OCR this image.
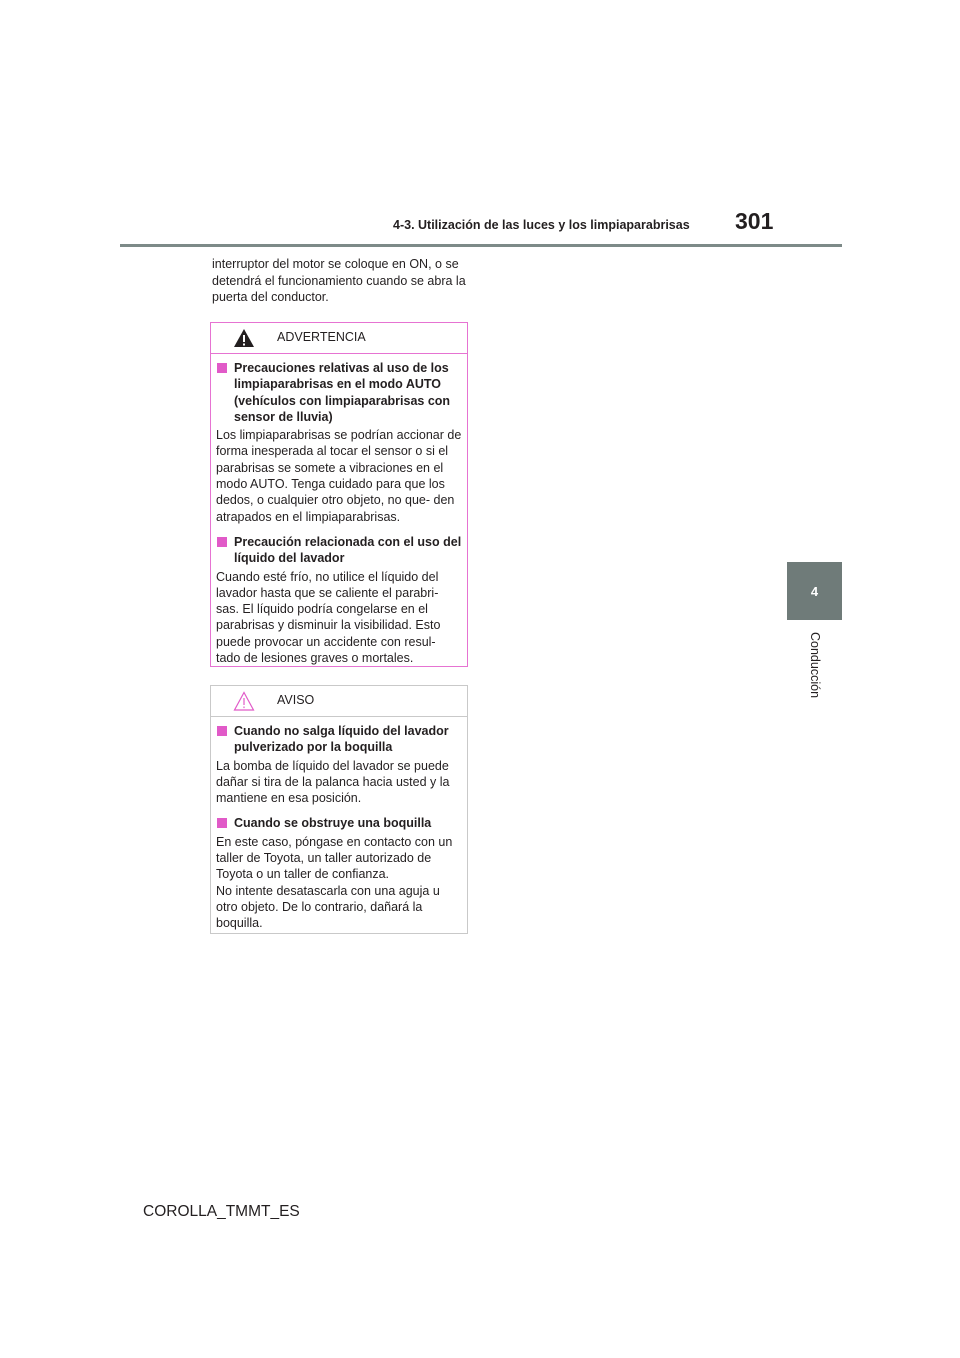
4-3. Utilización de las luces y los limpiaparabrisas 301
4
Conducción
interruptor del motor se coloque en ON, o se detendrá el funcionamiento cuando se abra la puerta del conductor.
ADVERTENCIA
Precauciones relativas al uso de los limpiaparabrisas en el modo AUTO (vehículos con limpiaparabrisas con sensor de lluvia)
Los limpiaparabrisas se podrían accionar de forma inesperada al tocar el sensor o si el parabrisas se somete a vibraciones en el modo AUTO. Tenga cuidado para que los dedos, o cualquier otro objeto, no que- den atrapados en el limpiaparabrisas.
Precaución relacionada con el uso del líquido del lavador
Cuando esté frío, no utilice el líquido del lavador hasta que se caliente el parabri- sas. El líquido podría congelarse en el parabrisas y disminuir la visibilidad. Esto puede provocar un accidente con resul- tado de lesiones graves o mortales.
AVISO
Cuando no salga líquido del lavador pulverizado por la boquilla
La bomba de líquido del lavador se puede dañar si tira de la palanca hacia usted y la mantiene en esa posición.
Cuando se obstruye una boquilla
En este caso, póngase en contacto con un taller de Toyota, un taller autorizado de Toyota o un taller de confianza.
No intente desatascarla con una aguja u otro objeto. De lo contrario, dañará la boquilla.
COROLLA_TMMT_ES
